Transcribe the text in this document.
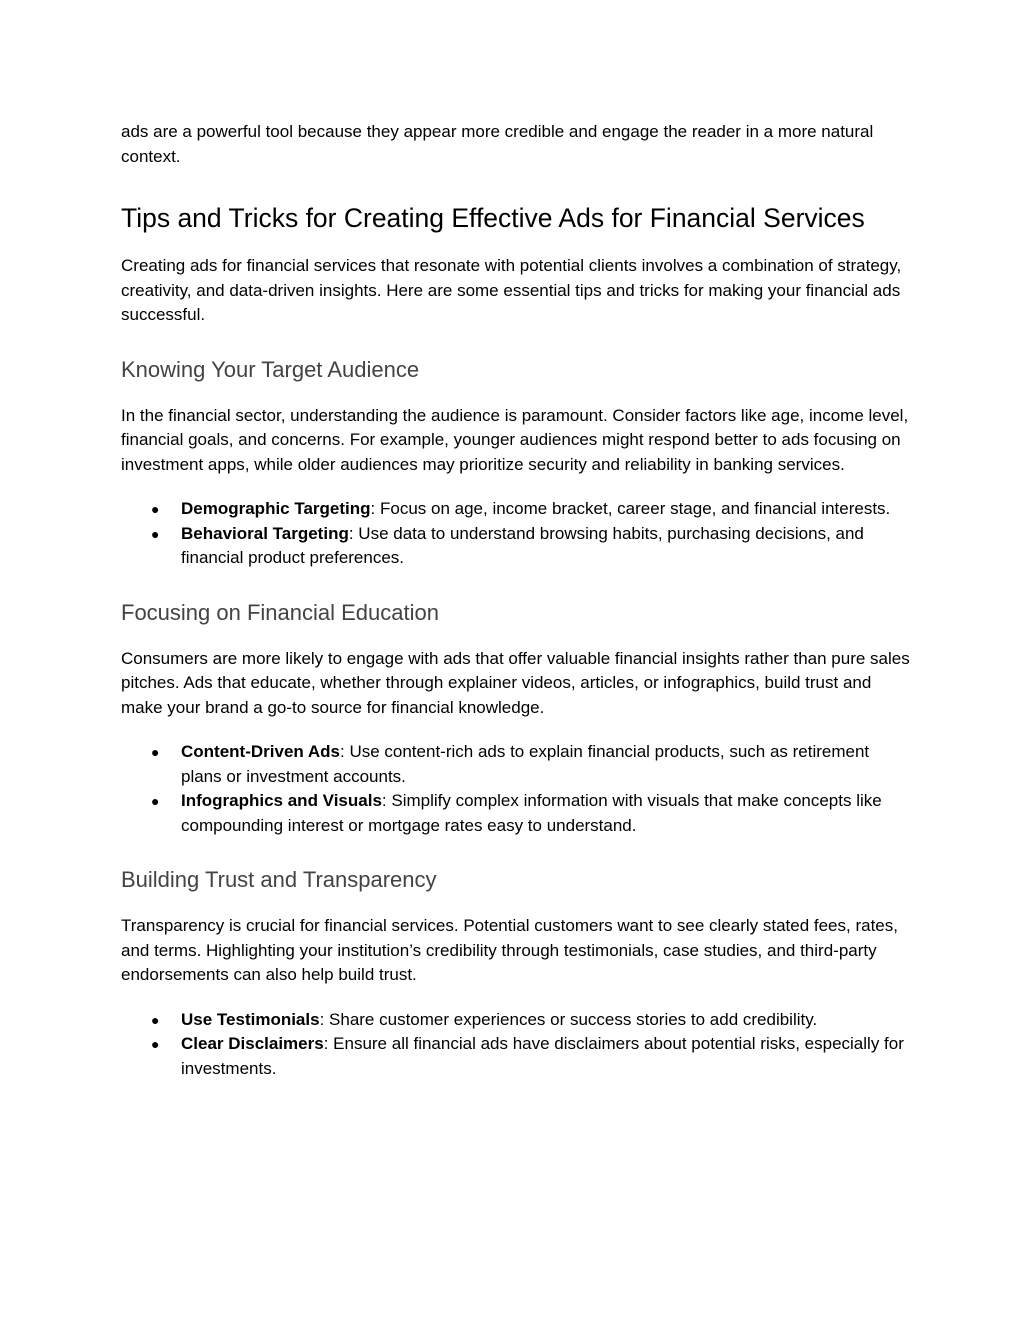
ads are a powerful tool because they appear more credible and engage the reader in a more natural context.

Tips and Tricks for Creating Effective Ads for Financial Services

Creating ads for financial services that resonate with potential clients involves a combination of strategy, creativity, and data-driven insights. Here are some essential tips and tricks for making your financial ads successful.

Knowing Your Target Audience

In the financial sector, understanding the audience is paramount. Consider factors like age, income level, financial goals, and concerns. For example, younger audiences might respond better to ads focusing on investment apps, while older audiences may prioritize security and reliability in banking services.

● Demographic Targeting: Focus on age, income bracket, career stage, and financial interests.
● Behavioral Targeting: Use data to understand browsing habits, purchasing decisions, and financial product preferences.
Focusing on Financial Education

Consumers are more likely to engage with ads that offer valuable financial insights rather than pure sales pitches. Ads that educate, whether through explainer videos, articles, or infographics, build trust and make your brand a go-to source for financial knowledge.

● Content-Driven Ads: Use content-rich ads to explain financial products, such as retirement plans or investment accounts.
● Infographics and Visuals: Simplify complex information with visuals that make concepts like compounding interest or mortgage rates easy to understand.
Building Trust and Transparency

Transparency is crucial for financial services. Potential customers want to see clearly stated fees, rates, and terms. Highlighting your institution’s credibility through testimonials, case studies, and third-party endorsements can also help build trust.

● Use Testimonials: Share customer experiences or success stories to add credibility.
● Clear Disclaimers: Ensure all financial ads have disclaimers about potential risks, especially for investments.
